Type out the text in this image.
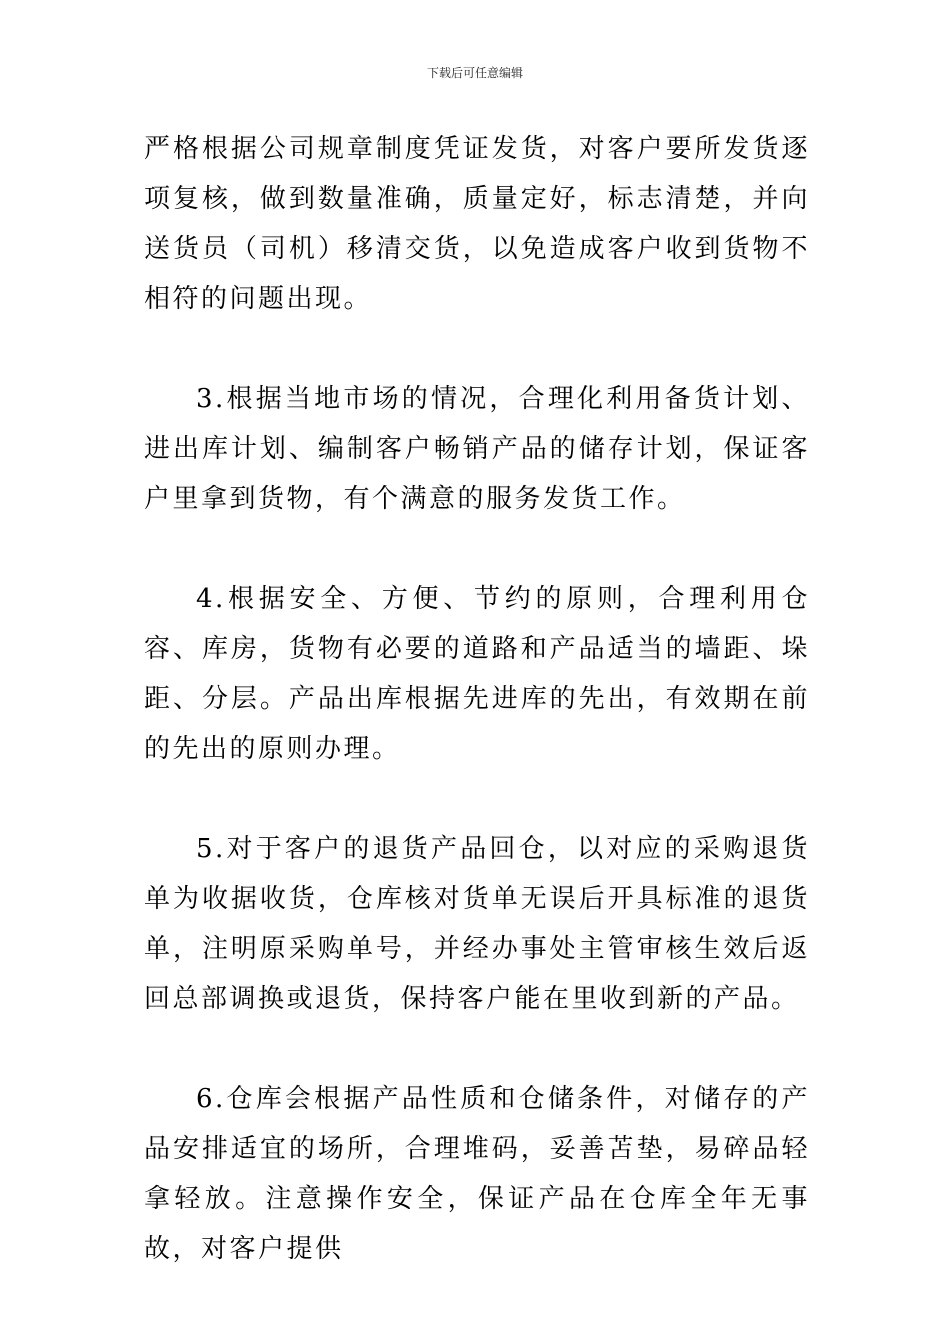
下载后可任意编辑

严格根据公司规章制度凭证发货，对客户要所发货逐项复核，做到数量准确，质量定好，标志清楚，并向送货员（司机）移清交货，以免造成客户收到货物不相符的问题出现。

3.根据当地市场的情况，合理化利用备货计划、进出库计划、编制客户畅销产品的储存计划，保证客户里拿到货物，有个满意的服务发货工作。

4.根据安全、方便、节约的原则，合理利用仓容、库房，货物有必要的道路和产品适当的墙距、垛距、分层。产品出库根据先进库的先出，有效期在前的先出的原则办理。

5.对于客户的退货产品回仓，以对应的采购退货单为收据收货，仓库核对货单无误后开具标准的退货单，注明原采购单号，并经办事处主管审核生效后返回总部调换或退货，保持客户能在里收到新的产品。

6.仓库会根据产品性质和仓储条件，对储存的产品安排适宜的场所，合理堆码，妥善苫垫，易碎品轻拿轻放。注意操作安全，保证产品在仓库全年无事故，对客户提供
